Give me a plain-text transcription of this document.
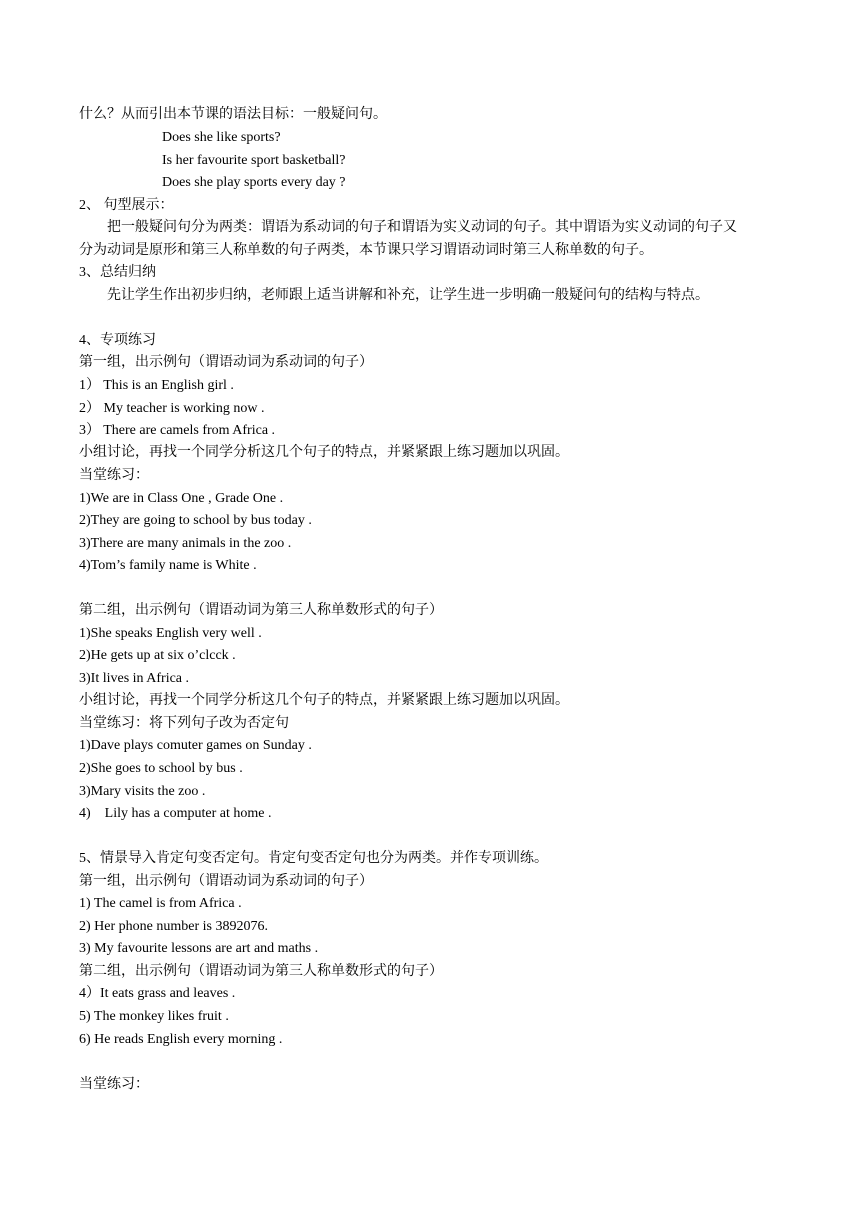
什么？从而引出本节课的语法目标：一般疑问句。
Does she like sports?
Is her favourite sport basketball?
Does she play sports every day ?
2、 句型展示：
把一般疑问句分为两类：谓语为系动词的句子和谓语为实义动词的句子。其中谓语为实义动词的句子又
分为动词是原形和第三人称单数的句子两类，本节课只学习谓语动词时第三人称单数的句子。
3、总结归纳
先让学生作出初步归纳，老师跟上适当讲解和补充，让学生进一步明确一般疑问句的结构与特点。
4、专项练习
第一组，出示例句（谓语动词为系动词的句子）
1） This is an English girl .
2） My teacher is working now .
3） There are camels from Africa .
小组讨论，再找一个同学分析这几个句子的特点，并紧紧跟上练习题加以巩固。
当堂练习：
1)We are in Class One , Grade One .
2)They are going to school by bus today .
3)There are many animals in the zoo .
4)Tom’s family name is White .
第二组，出示例句（谓语动词为第三人称单数形式的句子）
1)She speaks English very well .
2)He gets up at six o’clcck .
3)It lives in Africa .
小组讨论，再找一个同学分析这几个句子的特点，并紧紧跟上练习题加以巩固。
当堂练习：将下列句子改为否定句
1)Dave plays comuter games on Sunday .
2)She goes to school by bus .
3)Mary visits the zoo .
4)    Lily has a computer at home .
5、情景导入肯定句变否定句。肯定句变否定句也分为两类。并作专项训练。
第一组，出示例句（谓语动词为系动词的句子）
1) The camel is from Africa .
2) Her phone number is 3892076.
3) My favourite lessons are art and maths .
第二组，出示例句（谓语动词为第三人称单数形式的句子）
4）It eats grass and leaves .
5) The monkey likes fruit .
6) He reads English every morning .
当堂练习：
